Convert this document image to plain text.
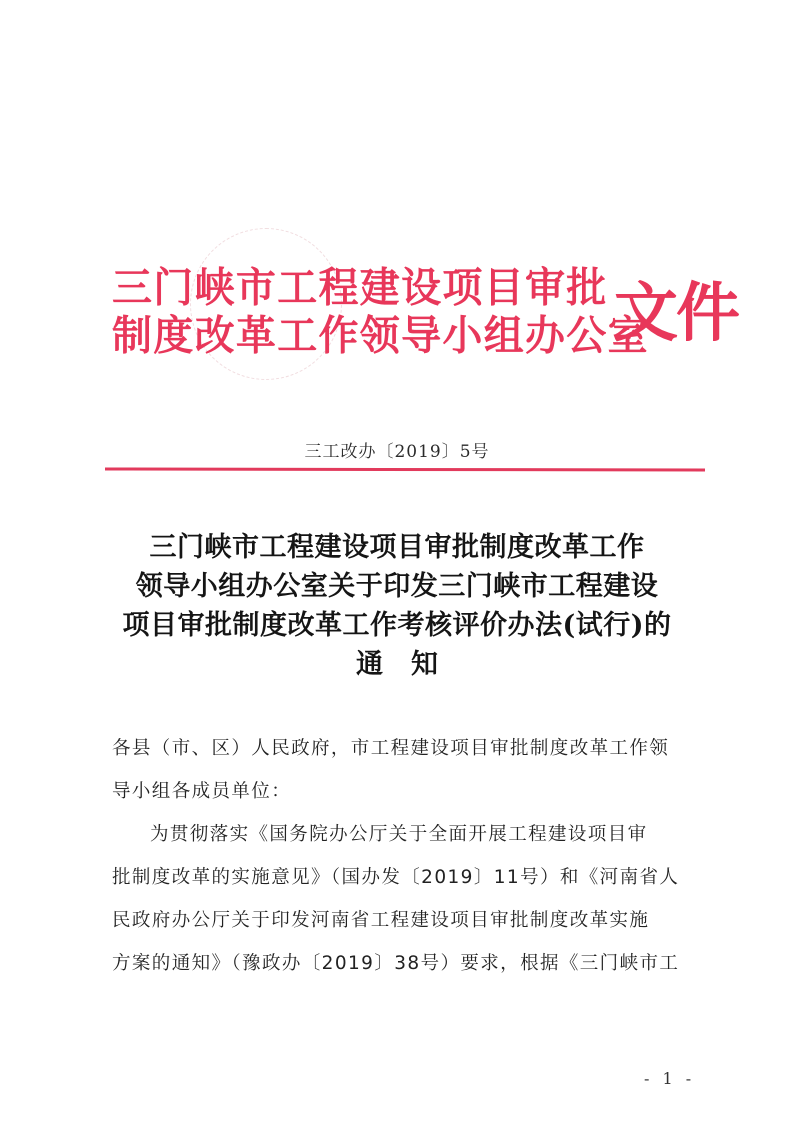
三门峡市工程建设项目审批
制度改革工作领导小组办公室
文件
三工改办〔2019〕5号
三门峡市工程建设项目审批制度改革工作
领导小组办公室关于印发三门峡市工程建设
项目审批制度改革工作考核评价办法(试行)的
通知
各县（市、区）人民政府，市工程建设项目审批制度改革工作领
导小组各成员单位：
为贯彻落实《国务院办公厅关于全面开展工程建设项目审
批制度改革的实施意见》（国办发〔2019〕11号）和《河南省人
民政府办公厅关于印发河南省工程建设项目审批制度改革实施
方案的通知》（豫政办〔2019〕38号）要求，根据《三门峡市工
- 1 -
